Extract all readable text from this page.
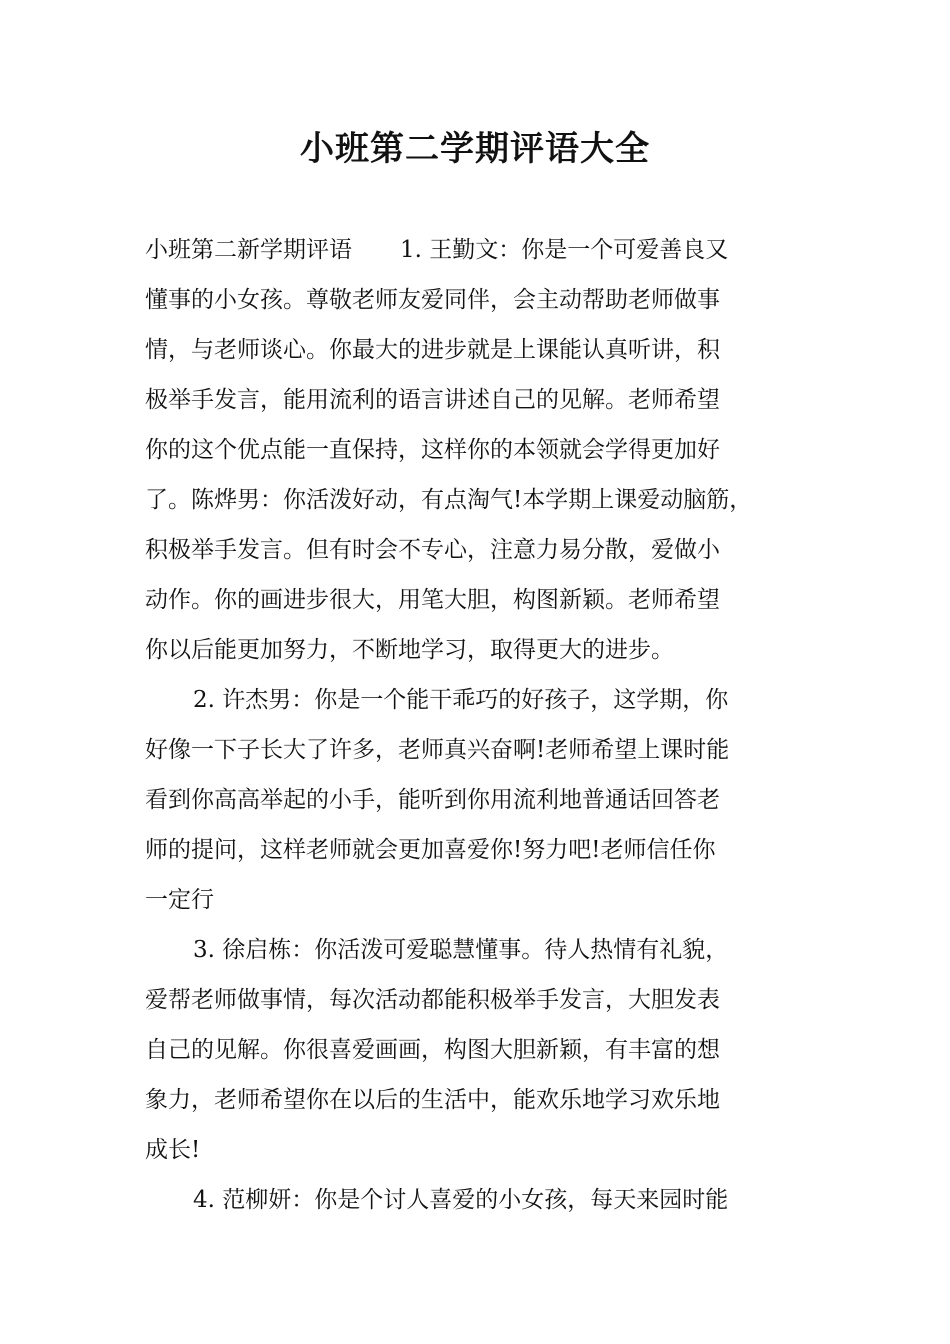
小班第二学期评语大全
小班第二新学期评语 1. 王勤文：你是一个可爱善良又
懂事的小女孩。尊敬老师友爱同伴，会主动帮助老师做事
情，与老师谈心。你最大的进步就是上课能认真听讲，积
极举手发言，能用流利的语言讲述自己的见解。老师希望
你的这个优点能一直保持，这样你的本领就会学得更加好
了。陈烨男：你活泼好动，有点淘气!本学期上课爱动脑筋，
积极举手发言。但有时会不专心，注意力易分散，爱做小
动作。你的画进步很大，用笔大胆，构图新颖。老师希望
你以后能更加努力，不断地学习，取得更大的进步。
2. 许杰男：你是一个能干乖巧的好孩子，这学期，你
好像一下子长大了许多，老师真兴奋啊!老师希望上课时能
看到你高高举起的小手，能听到你用流利地普通话回答老
师的提问，这样老师就会更加喜爱你!努力吧!老师信任你
一定行
3. 徐启栋：你活泼可爱聪慧懂事。待人热情有礼貌，
爱帮老师做事情，每次活动都能积极举手发言，大胆发表
自己的见解。你很喜爱画画，构图大胆新颖，有丰富的想
象力，老师希望你在以后的生活中，能欢乐地学习欢乐地
成长!
4. 范柳妍：你是个讨人喜爱的小女孩，每天来园时能
